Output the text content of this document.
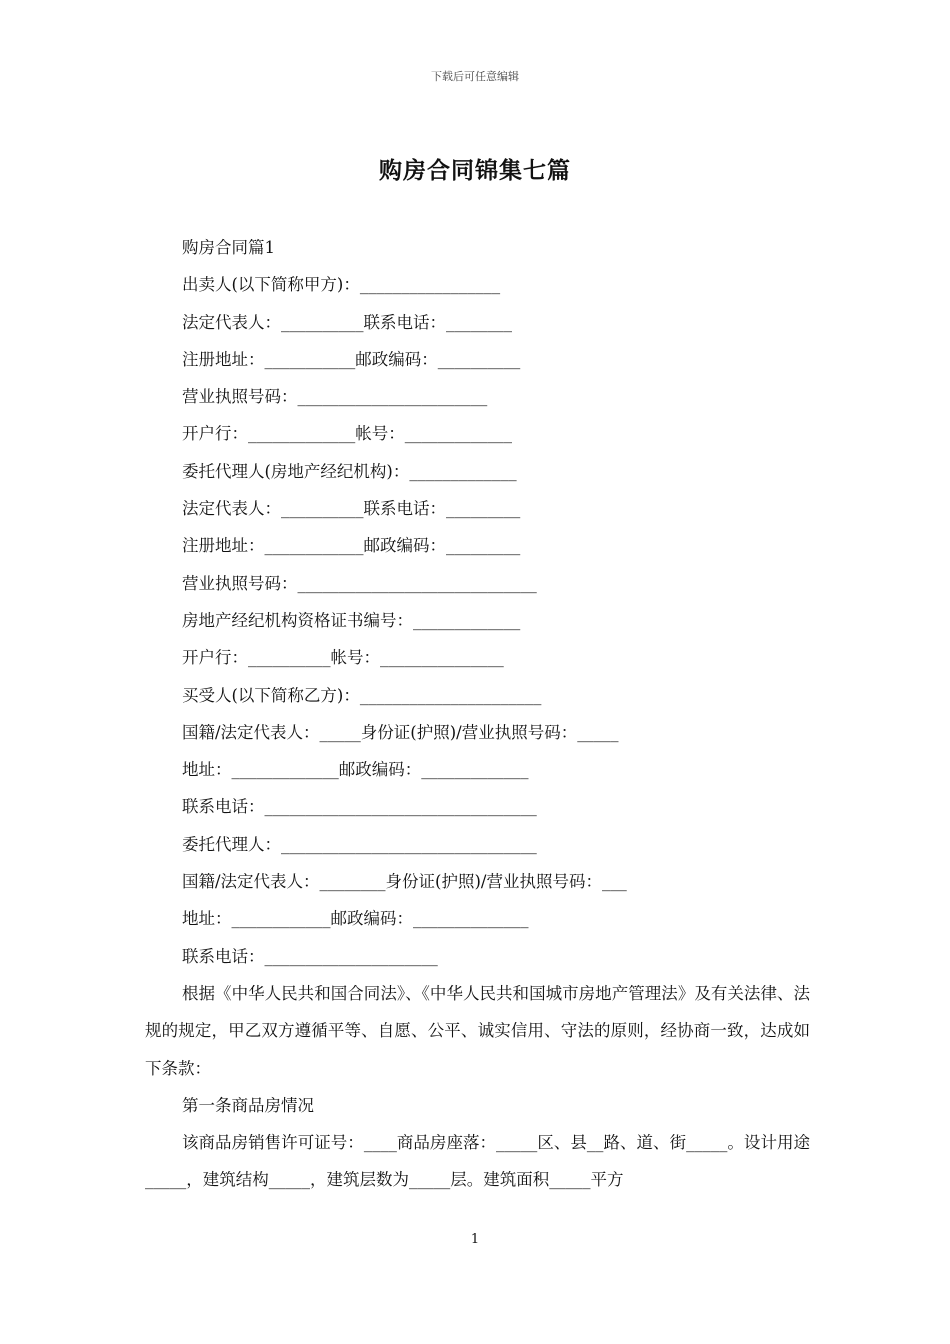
下载后可任意编辑
购房合同锦集七篇
购房合同篇1
出卖人(以下简称甲方)：_________________
法定代表人：__________联系电话：________
注册地址：___________邮政编码：__________
营业执照号码：_______________________
开户行：_____________帐号：_____________
委托代理人(房地产经纪机构)：_____________
法定代表人：__________联系电话：_________
注册地址：____________邮政编码：_________
营业执照号码：_____________________________
房地产经纪机构资格证书编号：_____________
开户行：__________帐号：_______________
买受人(以下简称乙方)：______________________
国籍/法定代表人：_____身份证(护照)/营业执照号码：_____
地址：_____________邮政编码：_____________
联系电话：_________________________________
委托代理人：_______________________________
国籍/法定代表人：________身份证(护照)/营业执照号码：___
地址：____________邮政编码：______________
联系电话：_____________________
根据《中华人民共和国合同法》、《中华人民共和国城市房地产管理法》及有关法律、法规的规定，甲乙双方遵循平等、自愿、公平、诚实信用、守法的原则，经协商一致，达成如下条款：
第一条商品房情况
该商品房销售许可证号：____商品房座落：_____区、县__路、道、街_____。设计用途_____，建筑结构_____，建筑层数为_____层。建筑面积_____平方
1
